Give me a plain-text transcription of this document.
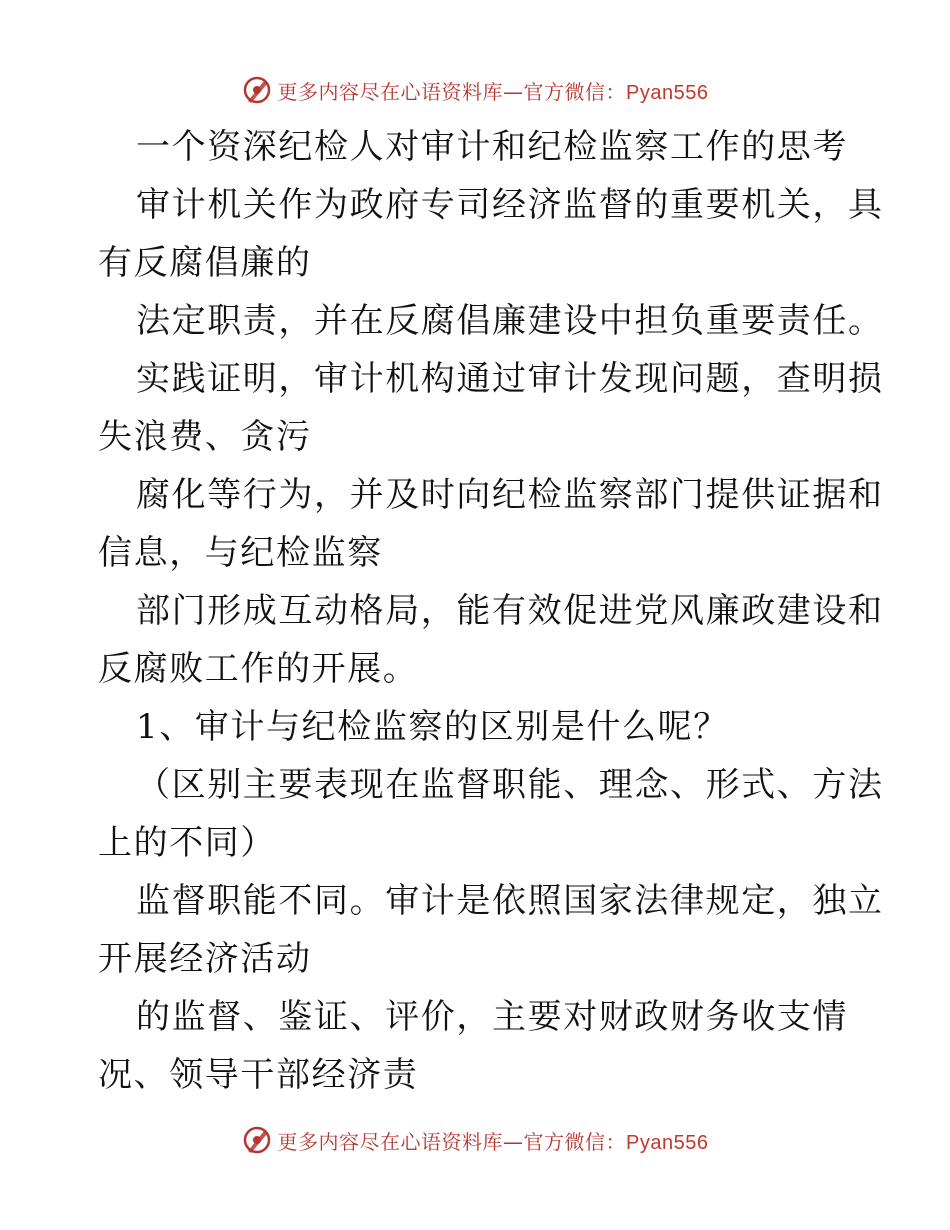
更多内容尽在心语资料库—官方微信：Pyan556
一个资深纪检人对审计和纪检监察工作的思考
审计机关作为政府专司经济监督的重要机关，具
有反腐倡廉的
法定职责，并在反腐倡廉建设中担负重要责任。
实践证明，审计机构通过审计发现问题，查明损
失浪费、贪污
腐化等行为，并及时向纪检监察部门提供证据和
信息，与纪检监察
部门形成互动格局，能有效促进党风廉政建设和
反腐败工作的开展。
1、审计与纪检监察的区别是什么呢？
（区别主要表现在监督职能、理念、形式、方法
上的不同）
监督职能不同。审计是依照国家法律规定，独立
开展经济活动
的监督、鉴证、评价，主要对财政财务收支情
况、领导干部经济责
更多内容尽在心语资料库—官方微信：Pyan556
